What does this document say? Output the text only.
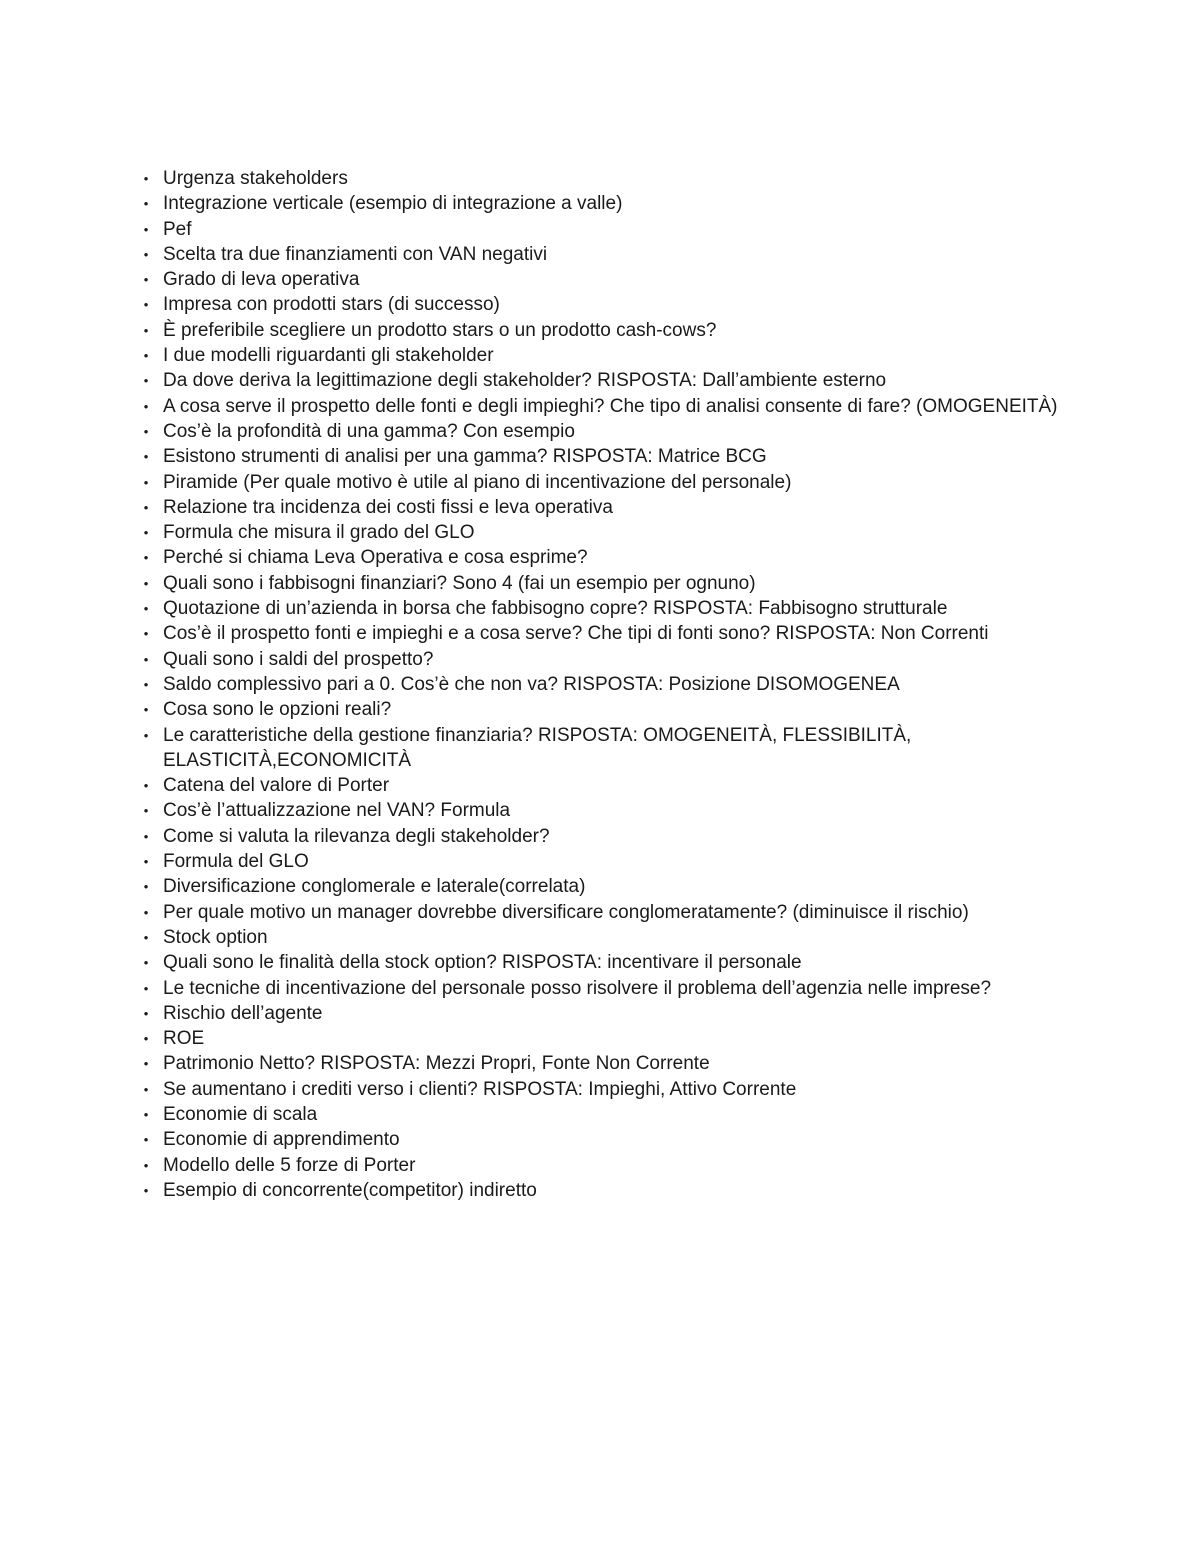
• Urgenza stakeholders
• Integrazione verticale (esempio di integrazione a valle)
• Pef
• Scelta tra due finanziamenti con VAN negativi
• Grado di leva operativa
• Impresa con prodotti stars (di successo)
• È preferibile scegliere un prodotto stars o un prodotto cash-cows?
• I due modelli riguardanti gli stakeholder
• Da dove deriva la legittimazione degli stakeholder? RISPOSTA: Dall’ambiente esterno
• A cosa serve il prospetto delle fonti e degli impieghi? Che tipo di analisi consente di fare? (OMOGENEITÀ)
• Cos’è la profondità di una gamma? Con esempio
• Esistono strumenti di analisi per una gamma? RISPOSTA: Matrice BCG
• Piramide (Per quale motivo è utile al piano di incentivazione del personale)
• Relazione tra incidenza dei costi fissi e leva operativa
• Formula che misura il grado del GLO
• Perché si chiama Leva Operativa e cosa esprime?
• Quali sono i fabbisogni finanziari? Sono 4 (fai un esempio per ognuno)
• Quotazione di un’azienda in borsa che fabbisogno copre? RISPOSTA: Fabbisogno strutturale
• Cos’è il prospetto fonti e impieghi e a cosa serve? Che tipi di fonti sono? RISPOSTA: Non Correnti
• Quali sono i saldi del prospetto?
• Saldo complessivo pari a 0. Cos’è che non va? RISPOSTA: Posizione DISOMOGENEA
• Cosa sono le opzioni reali?
• Le caratteristiche della gestione finanziaria? RISPOSTA: OMOGENEITÀ, FLESSIBILITÀ, ELASTICITÀ,ECONOMICITÀ
• Catena del valore di Porter
• Cos’è l’attualizzazione nel VAN? Formula
• Come si valuta la rilevanza degli stakeholder?
• Formula del GLO
• Diversificazione conglomerale e laterale(correlata)
• Per quale motivo un manager dovrebbe diversificare conglomeratamente? (diminuisce il rischio)
• Stock option
• Quali sono le finalità della stock option? RISPOSTA: incentivare il personale
• Le tecniche di incentivazione del personale posso risolvere il problema dell’agenzia nelle imprese?
• Rischio dell’agente
• ROE
• Patrimonio Netto? RISPOSTA: Mezzi Propri, Fonte Non Corrente
• Se aumentano i crediti verso i clienti? RISPOSTA: Impieghi, Attivo Corrente
• Economie di scala
• Economie di apprendimento
• Modello delle 5 forze di Porter
• Esempio di concorrente(competitor) indiretto
